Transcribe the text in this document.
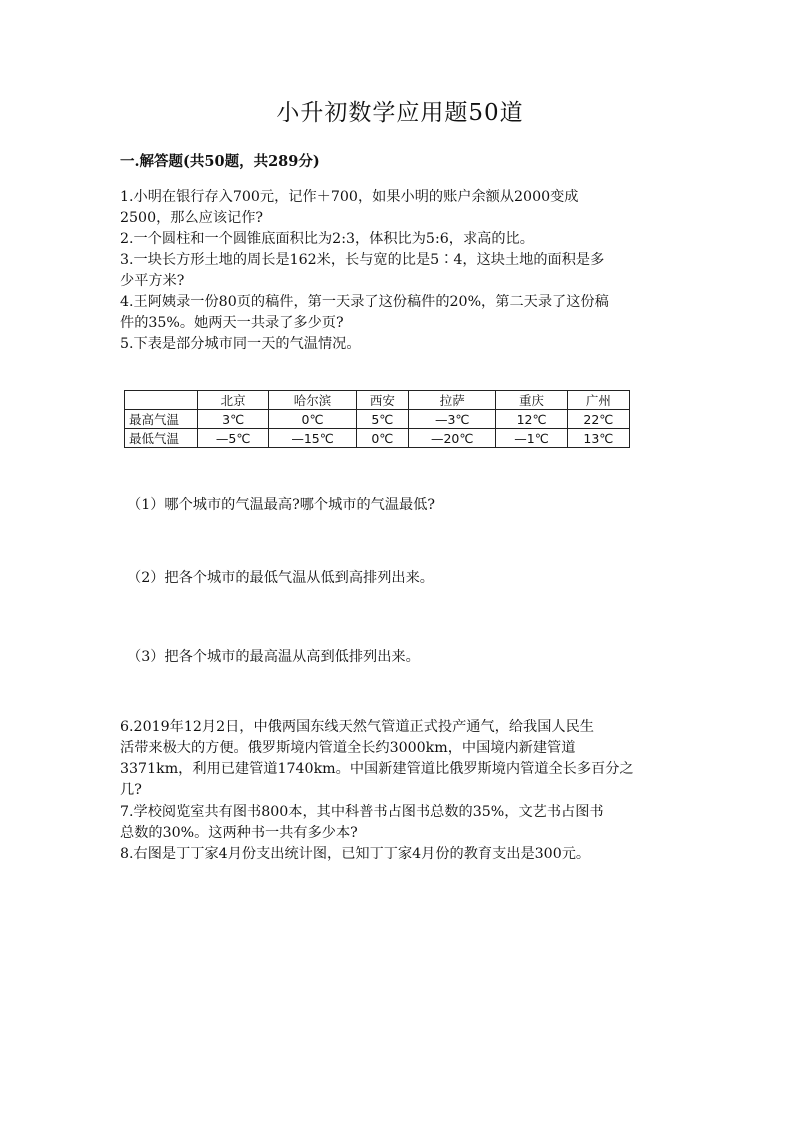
小升初数学应用题50道
一.解答题(共50题，共289分)
1.小明在银行存入700元，记作＋700，如果小明的账户余额从2000变成
2500，那么应该记作?
2.一个圆柱和一个圆锥底面积比为2:3，体积比为5:6，求高的比。
3.一块长方形土地的周长是162米，长与宽的比是5∶4，这块土地的面积是多
少平方米?
4.王阿姨录一份80页的稿件，第一天录了这份稿件的20%，第二天录了这份稿
件的35%。她两天一共录了多少页?
5.下表是部分城市同一天的气温情况。
	北京	哈尔滨	西安	拉萨	重庆	广州
最高气温	3℃	0℃	5℃	—3℃	12℃	22℃
最低气温	—5℃	—15℃	0℃	—20℃	—1℃	13℃
（1）哪个城市的气温最高?哪个城市的气温最低?
（2）把各个城市的最低气温从低到高排列出来。
（3）把各个城市的最高温从高到低排列出来。
6.2019年12月2日，中俄两国东线天然气管道正式投产通气，给我国人民生
活带来极大的方便。俄罗斯境内管道全长约3000km，中国境内新建管道
3371km，利用已建管道1740km。中国新建管道比俄罗斯境内管道全长多百分之
几?
7.学校阅览室共有图书800本，其中科普书占图书总数的35%，文艺书占图书
总数的30%。这两种书一共有多少本?
8.右图是丁丁家4月份支出统计图，已知丁丁家4月份的教育支出是300元。
